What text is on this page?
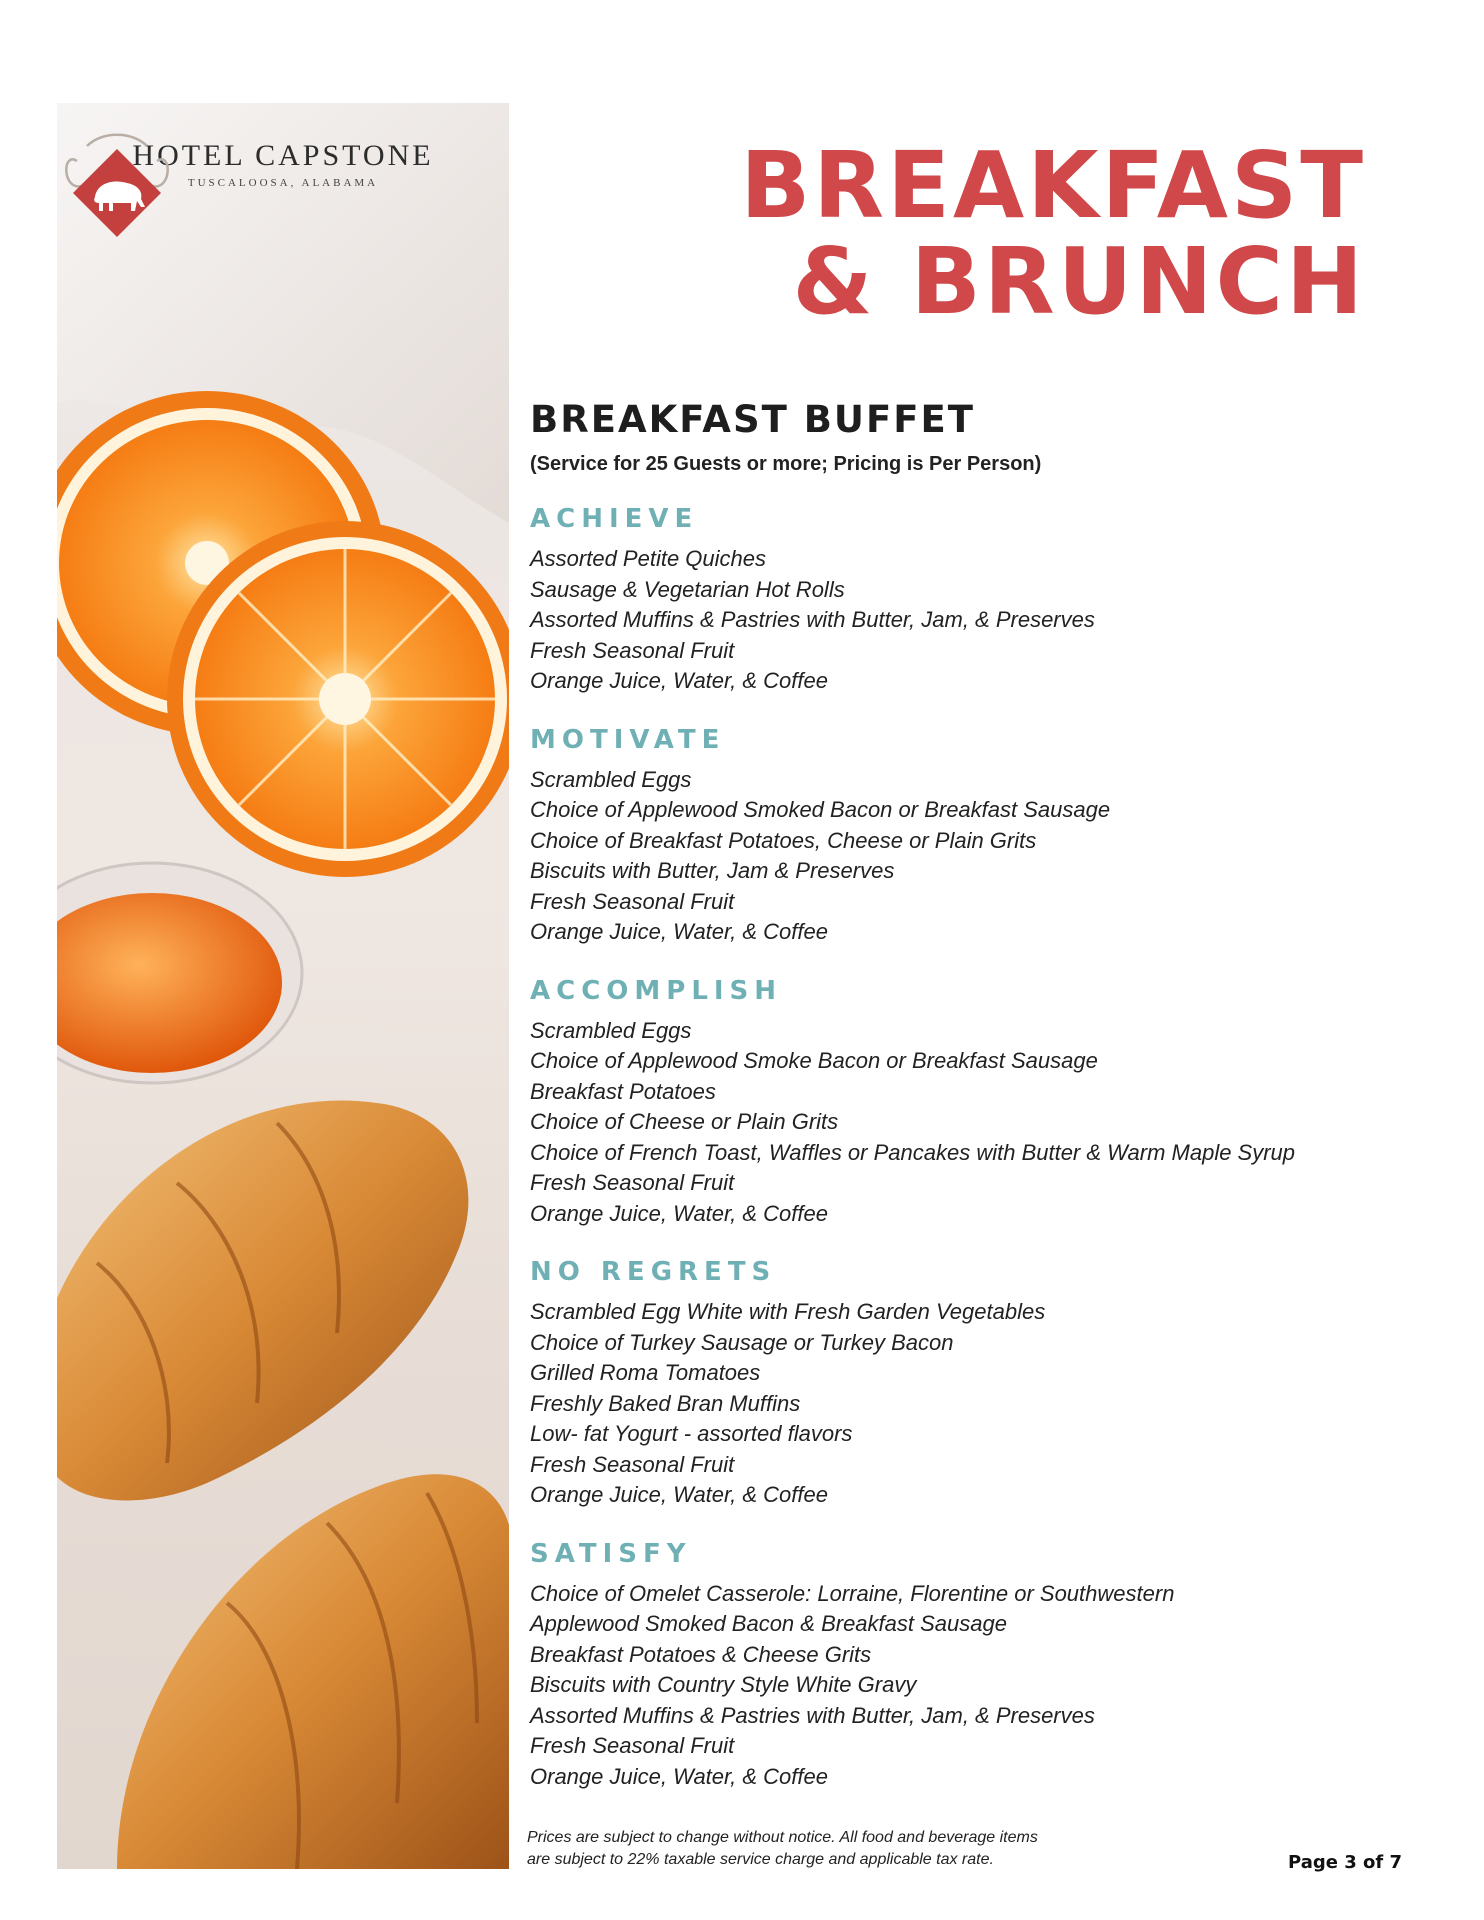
HOTEL CAPSTONE
TUSCALOOSA, ALABAMA	BREAKFAST
& BRUNCH
BREAKFAST BUFFET
(Service for 25 Guests or more; Pricing is Per Person)
ACHIEVE
Assorted Petite Quiches
Sausage & Vegetarian Hot Rolls
Assorted Muffins & Pastries with Butter, Jam, & Preserves
Fresh Seasonal Fruit
Orange Juice, Water, & Coffee
MOTIVATE
Scrambled Eggs
Choice of Applewood Smoked Bacon or Breakfast Sausage
Choice of Breakfast Potatoes, Cheese or Plain Grits
Biscuits with Butter, Jam & Preserves
Fresh Seasonal Fruit
Orange Juice, Water, & Coffee
ACCOMPLISH
Scrambled Eggs
Choice of Applewood Smoke Bacon or Breakfast Sausage
Breakfast Potatoes
Choice of Cheese or Plain Grits
Choice of French Toast, Waffles or Pancakes with Butter & Warm Maple Syrup
Fresh Seasonal Fruit
Orange Juice, Water, & Coffee
NO REGRETS
Scrambled Egg White with Fresh Garden Vegetables
Choice of Turkey Sausage or Turkey Bacon
Grilled Roma Tomatoes
Freshly Baked Bran Muffins
Low- fat Yogurt - assorted flavors
Fresh Seasonal Fruit
Orange Juice, Water, & Coffee
SATISFY
Choice of Omelet Casserole: Lorraine, Florentine or Southwestern
Applewood Smoked Bacon & Breakfast Sausage
Breakfast Potatoes & Cheese Grits
Biscuits with Country Style White Gravy
Assorted Muffins & Pastries with Butter, Jam, & Preserves
Fresh Seasonal Fruit
Orange Juice, Water, & Coffee
Prices are subject to change without notice. All food and beverage items
are subject to 22% taxable service charge and applicable tax rate.	Page 3 of 7
